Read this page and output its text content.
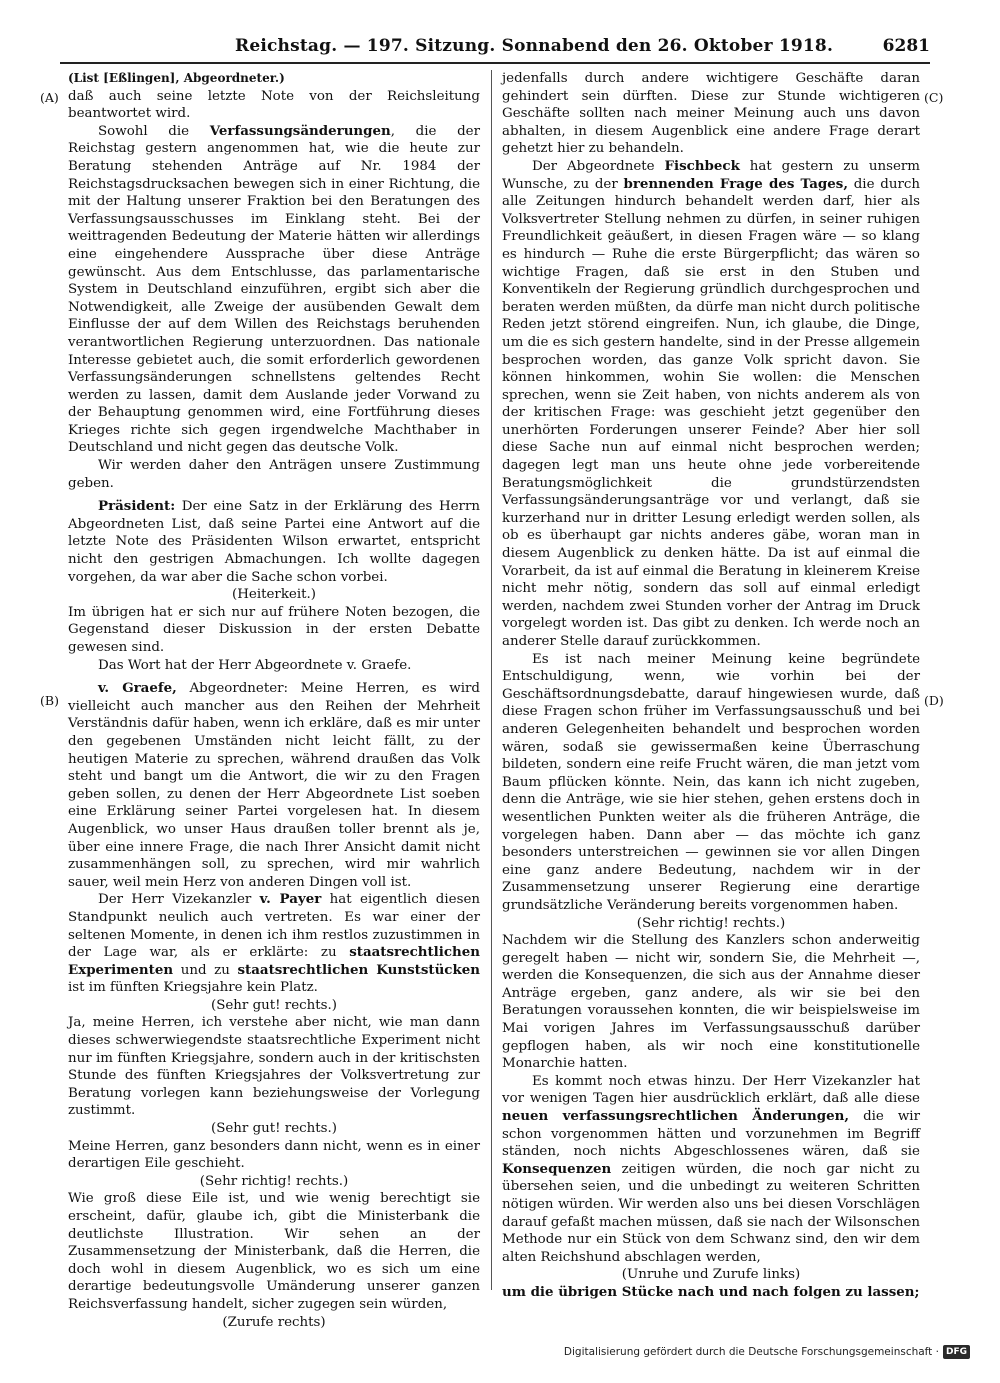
Reichstag. — 197. Sitzung. Sonnabend den 26. Oktober 1918.	6281
(A)
(B)
(C)
(D)

(List [Eßlingen], Abgeordneter.)

daß auch seine letzte Note von der Reichsleitung beantwortet wird.

Sowohl die Verfassungsänderungen, die der Reichstag gestern angenommen hat, wie die heute zur Beratung stehenden Anträge auf Nr. 1984 der Reichstagsdrucksachen bewegen sich in einer Richtung, die mit der Haltung unserer Fraktion bei den Beratungen des Verfassungsausschusses im Einklang steht. Bei der weittragenden Bedeutung der Materie hätten wir allerdings eine eingehendere Aussprache über diese Anträge gewünscht. Aus dem Entschlusse, das parlamentarische System in Deutschland einzuführen, ergibt sich aber die Notwendigkeit, alle Zweige der ausübenden Gewalt dem Einflusse der auf dem Willen des Reichstags beruhenden verantwortlichen Regierung unterzuordnen. Das nationale Interesse gebietet auch, die somit erforderlich gewordenen Verfassungsänderungen schnellstens geltendes Recht werden zu lassen, damit dem Auslande jeder Vorwand zu der Behauptung genommen wird, eine Fortführung dieses Krieges richte sich gegen irgendwelche Machthaber in Deutschland und nicht gegen das deutsche Volk.

Wir werden daher den Anträgen unsere Zustimmung geben.

Präsident: Der eine Satz in der Erklärung des Herrn Abgeordneten List, daß seine Partei eine Antwort auf die letzte Note des Präsidenten Wilson erwartet, entspricht nicht den gestrigen Abmachungen. Ich wollte dagegen vorgehen, da war aber die Sache schon vorbei.

(Heiterkeit.)

Im übrigen hat er sich nur auf frühere Noten bezogen, die Gegenstand dieser Diskussion in der ersten Debatte gewesen sind.

Das Wort hat der Herr Abgeordnete v. Graefe.

v. Graefe, Abgeordneter: Meine Herren, es wird vielleicht auch mancher aus den Reihen der Mehrheit Verständnis dafür haben, wenn ich erkläre, daß es mir unter den gegebenen Umständen nicht leicht fällt, zu der heutigen Materie zu sprechen, während draußen das Volk steht und bangt um die Antwort, die wir zu den Fragen geben sollen, zu denen der Herr Abgeordnete List soeben eine Erklärung seiner Partei vorgelesen hat. In diesem Augenblick, wo unser Haus draußen toller brennt als je, über eine innere Frage, die nach Ihrer Ansicht damit nicht zusammenhängen soll, zu sprechen, wird mir wahrlich sauer, weil mein Herz von anderen Dingen voll ist.

Der Herr Vizekanzler v. Payer hat eigentlich diesen Standpunkt neulich auch vertreten. Es war einer der seltenen Momente, in denen ich ihm restlos zuzustimmen in der Lage war, als er erklärte: zu staatsrechtlichen Experimenten und zu staatsrechtlichen Kunststücken ist im fünften Kriegsjahre kein Platz.

(Sehr gut! rechts.)

Ja, meine Herren, ich verstehe aber nicht, wie man dann dieses schwerwiegendste staatsrechtliche Experiment nicht nur im fünften Kriegsjahre, sondern auch in der kritischsten Stunde des fünften Kriegsjahres der Volksvertretung zur Beratung vorlegen kann beziehungsweise der Vorlegung zustimmt.

(Sehr gut! rechts.)

Meine Herren, ganz besonders dann nicht, wenn es in einer derartigen Eile geschieht.

(Sehr richtig! rechts.)

Wie groß diese Eile ist, und wie wenig berechtigt sie erscheint, dafür, glaube ich, gibt die Ministerbank die deutlichste Illustration. Wir sehen an der Zusammensetzung der Ministerbank, daß die Herren, die doch wohl in diesem Augenblick, wo es sich um eine derartige bedeutungsvolle Umänderung unserer ganzen Reichsverfassung handelt, sicher zugegen sein würden,

(Zurufe rechts)

jedenfalls durch andere wichtigere Geschäfte daran gehindert sein dürften. Diese zur Stunde wichtigeren Geschäfte sollten nach meiner Meinung auch uns davon abhalten, in diesem Augenblick eine andere Frage derart gehetzt hier zu behandeln.

Der Abgeordnete Fischbeck hat gestern zu unserm Wunsche, zu der brennenden Frage des Tages, die durch alle Zeitungen hindurch behandelt werden darf, hier als Volksvertreter Stellung nehmen zu dürfen, in seiner ruhigen Freundlichkeit geäußert, in diesen Fragen wäre — so klang es hindurch — Ruhe die erste Bürgerpflicht; das wären so wichtige Fragen, daß sie erst in den Stuben und Konventikeln der Regierung gründlich durchgesprochen und beraten werden müßten, da dürfe man nicht durch politische Reden jetzt störend eingreifen. Nun, ich glaube, die Dinge, um die es sich gestern handelte, sind in der Presse allgemein besprochen worden, das ganze Volk spricht davon. Sie können hinkommen, wohin Sie wollen: die Menschen sprechen, wenn sie Zeit haben, von nichts anderem als von der kritischen Frage: was geschieht jetzt gegenüber den unerhörten Forderungen unserer Feinde? Aber hier soll diese Sache nun auf einmal nicht besprochen werden; dagegen legt man uns heute ohne jede vorbereitende Beratungsmöglichkeit die grundstürzendsten Verfassungsänderungsanträge vor und verlangt, daß sie kurzerhand nur in dritter Lesung erledigt werden sollen, als ob es überhaupt gar nichts anderes gäbe, woran man in diesem Augenblick zu denken hätte. Da ist auf einmal die Vorarbeit, da ist auf einmal die Beratung in kleinerem Kreise nicht mehr nötig, sondern das soll auf einmal erledigt werden, nachdem zwei Stunden vorher der Antrag im Druck vorgelegt worden ist. Das gibt zu denken. Ich werde noch an anderer Stelle darauf zurückkommen.

Es ist nach meiner Meinung keine begründete Entschuldigung, wenn, wie vorhin bei der Geschäftsordnungsdebatte, darauf hingewiesen wurde, daß diese Fragen schon früher im Verfassungsausschuß und bei anderen Gelegenheiten behandelt und besprochen worden wären, sodaß sie gewissermaßen keine Überraschung bildeten, sondern eine reife Frucht wären, die man jetzt vom Baum pflücken könnte. Nein, das kann ich nicht zugeben, denn die Anträge, wie sie hier stehen, gehen erstens doch in wesentlichen Punkten weiter als die früheren Anträge, die vorgelegen haben. Dann aber — das möchte ich ganz besonders unterstreichen — gewinnen sie vor allen Dingen eine ganz andere Bedeutung, nachdem wir in der Zusammensetzung unserer Regierung eine derartige grundsätzliche Veränderung bereits vorgenommen haben.

(Sehr richtig! rechts.)

Nachdem wir die Stellung des Kanzlers schon anderweitig geregelt haben — nicht wir, sondern Sie, die Mehrheit —, werden die Konsequenzen, die sich aus der Annahme dieser Anträge ergeben, ganz andere, als wir sie bei den Beratungen voraussehen konnten, die wir beispielsweise im Mai vorigen Jahres im Verfassungsausschuß darüber gepflogen haben, als wir noch eine konstitutionelle Monarchie hatten.

Es kommt noch etwas hinzu. Der Herr Vizekanzler hat vor wenigen Tagen hier ausdrücklich erklärt, daß alle diese neuen verfassungsrechtlichen Änderungen, die wir schon vorgenommen hätten und vorzunehmen im Begriff ständen, noch nichts Abgeschlossenes wären, daß sie Konsequenzen zeitigen würden, die noch gar nicht zu übersehen seien, und die unbedingt zu weiteren Schritten nötigen würden. Wir werden also uns bei diesen Vorschlägen darauf gefaßt machen müssen, daß sie nach der Wilsonschen Methode nur ein Stück von dem Schwanz sind, den wir dem alten Reichshund abschlagen werden,

(Unruhe und Zurufe links)

um die übrigen Stücke nach und nach folgen zu lassen;

Digitalisierung gefördert durch die Deutsche Forschungsgemeinschaft · DFG
